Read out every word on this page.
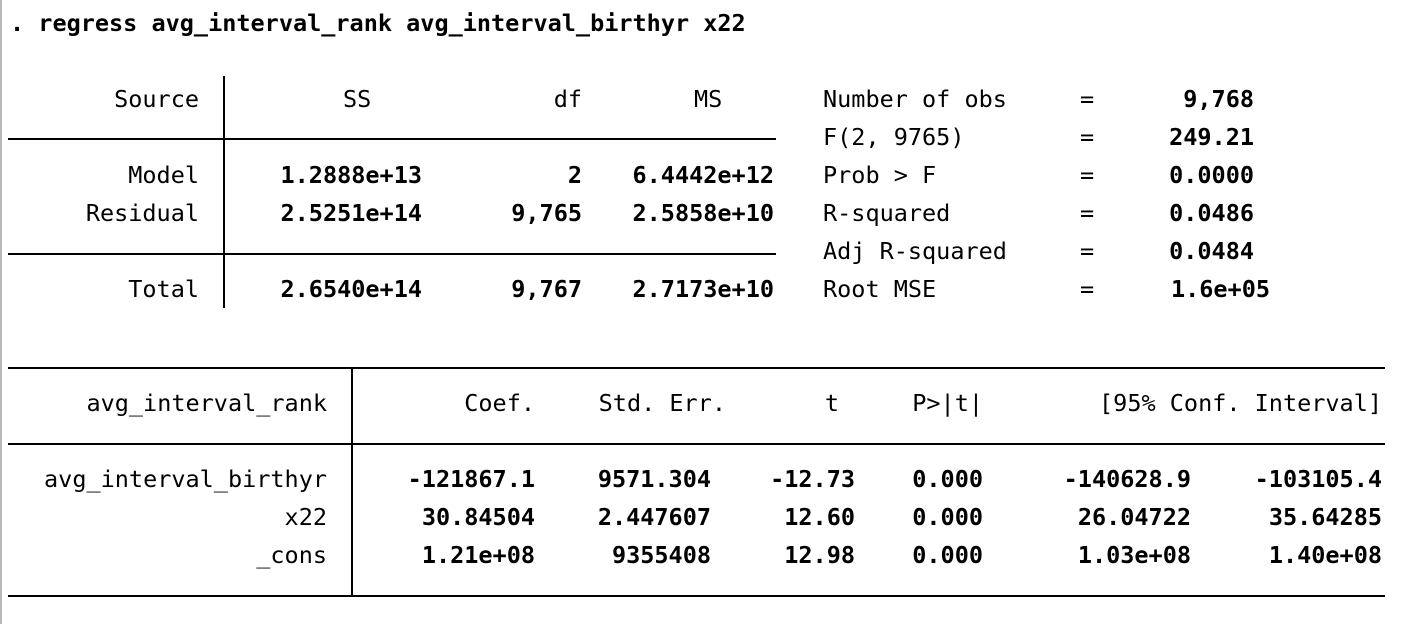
. regress avg_interval_rank avg_interval_birthyr x22
Source	SS	df	MS
Model	1.2888e+13	2 6.4442e+12
Residual	2.5251e+14	9,765 2.5858e+10
Total	2.6540e+14	9,767 2.7173e+10
Number of obs	=	9,768
F(2, 9765)	=	249.21
Prob > F	=	0.0000
R-squared	=	0.0486
Adj R-squared	=	0.0484
Root MSE	=	1.6e+05
avg_interval_rank	Coef.	Std. Err.	t	P>|t|	[95% Conf. Interval]
avg_interval_birthyr	-121867.1	9571.304	-12.73 0.000	-140628.9	-103105.4
x22	30.84504	2.447607	12.60 0.000	26.04722	35.64285
_cons	1.21e+08	9355408	12.98 0.000	1.03e+08	1.40e+08
